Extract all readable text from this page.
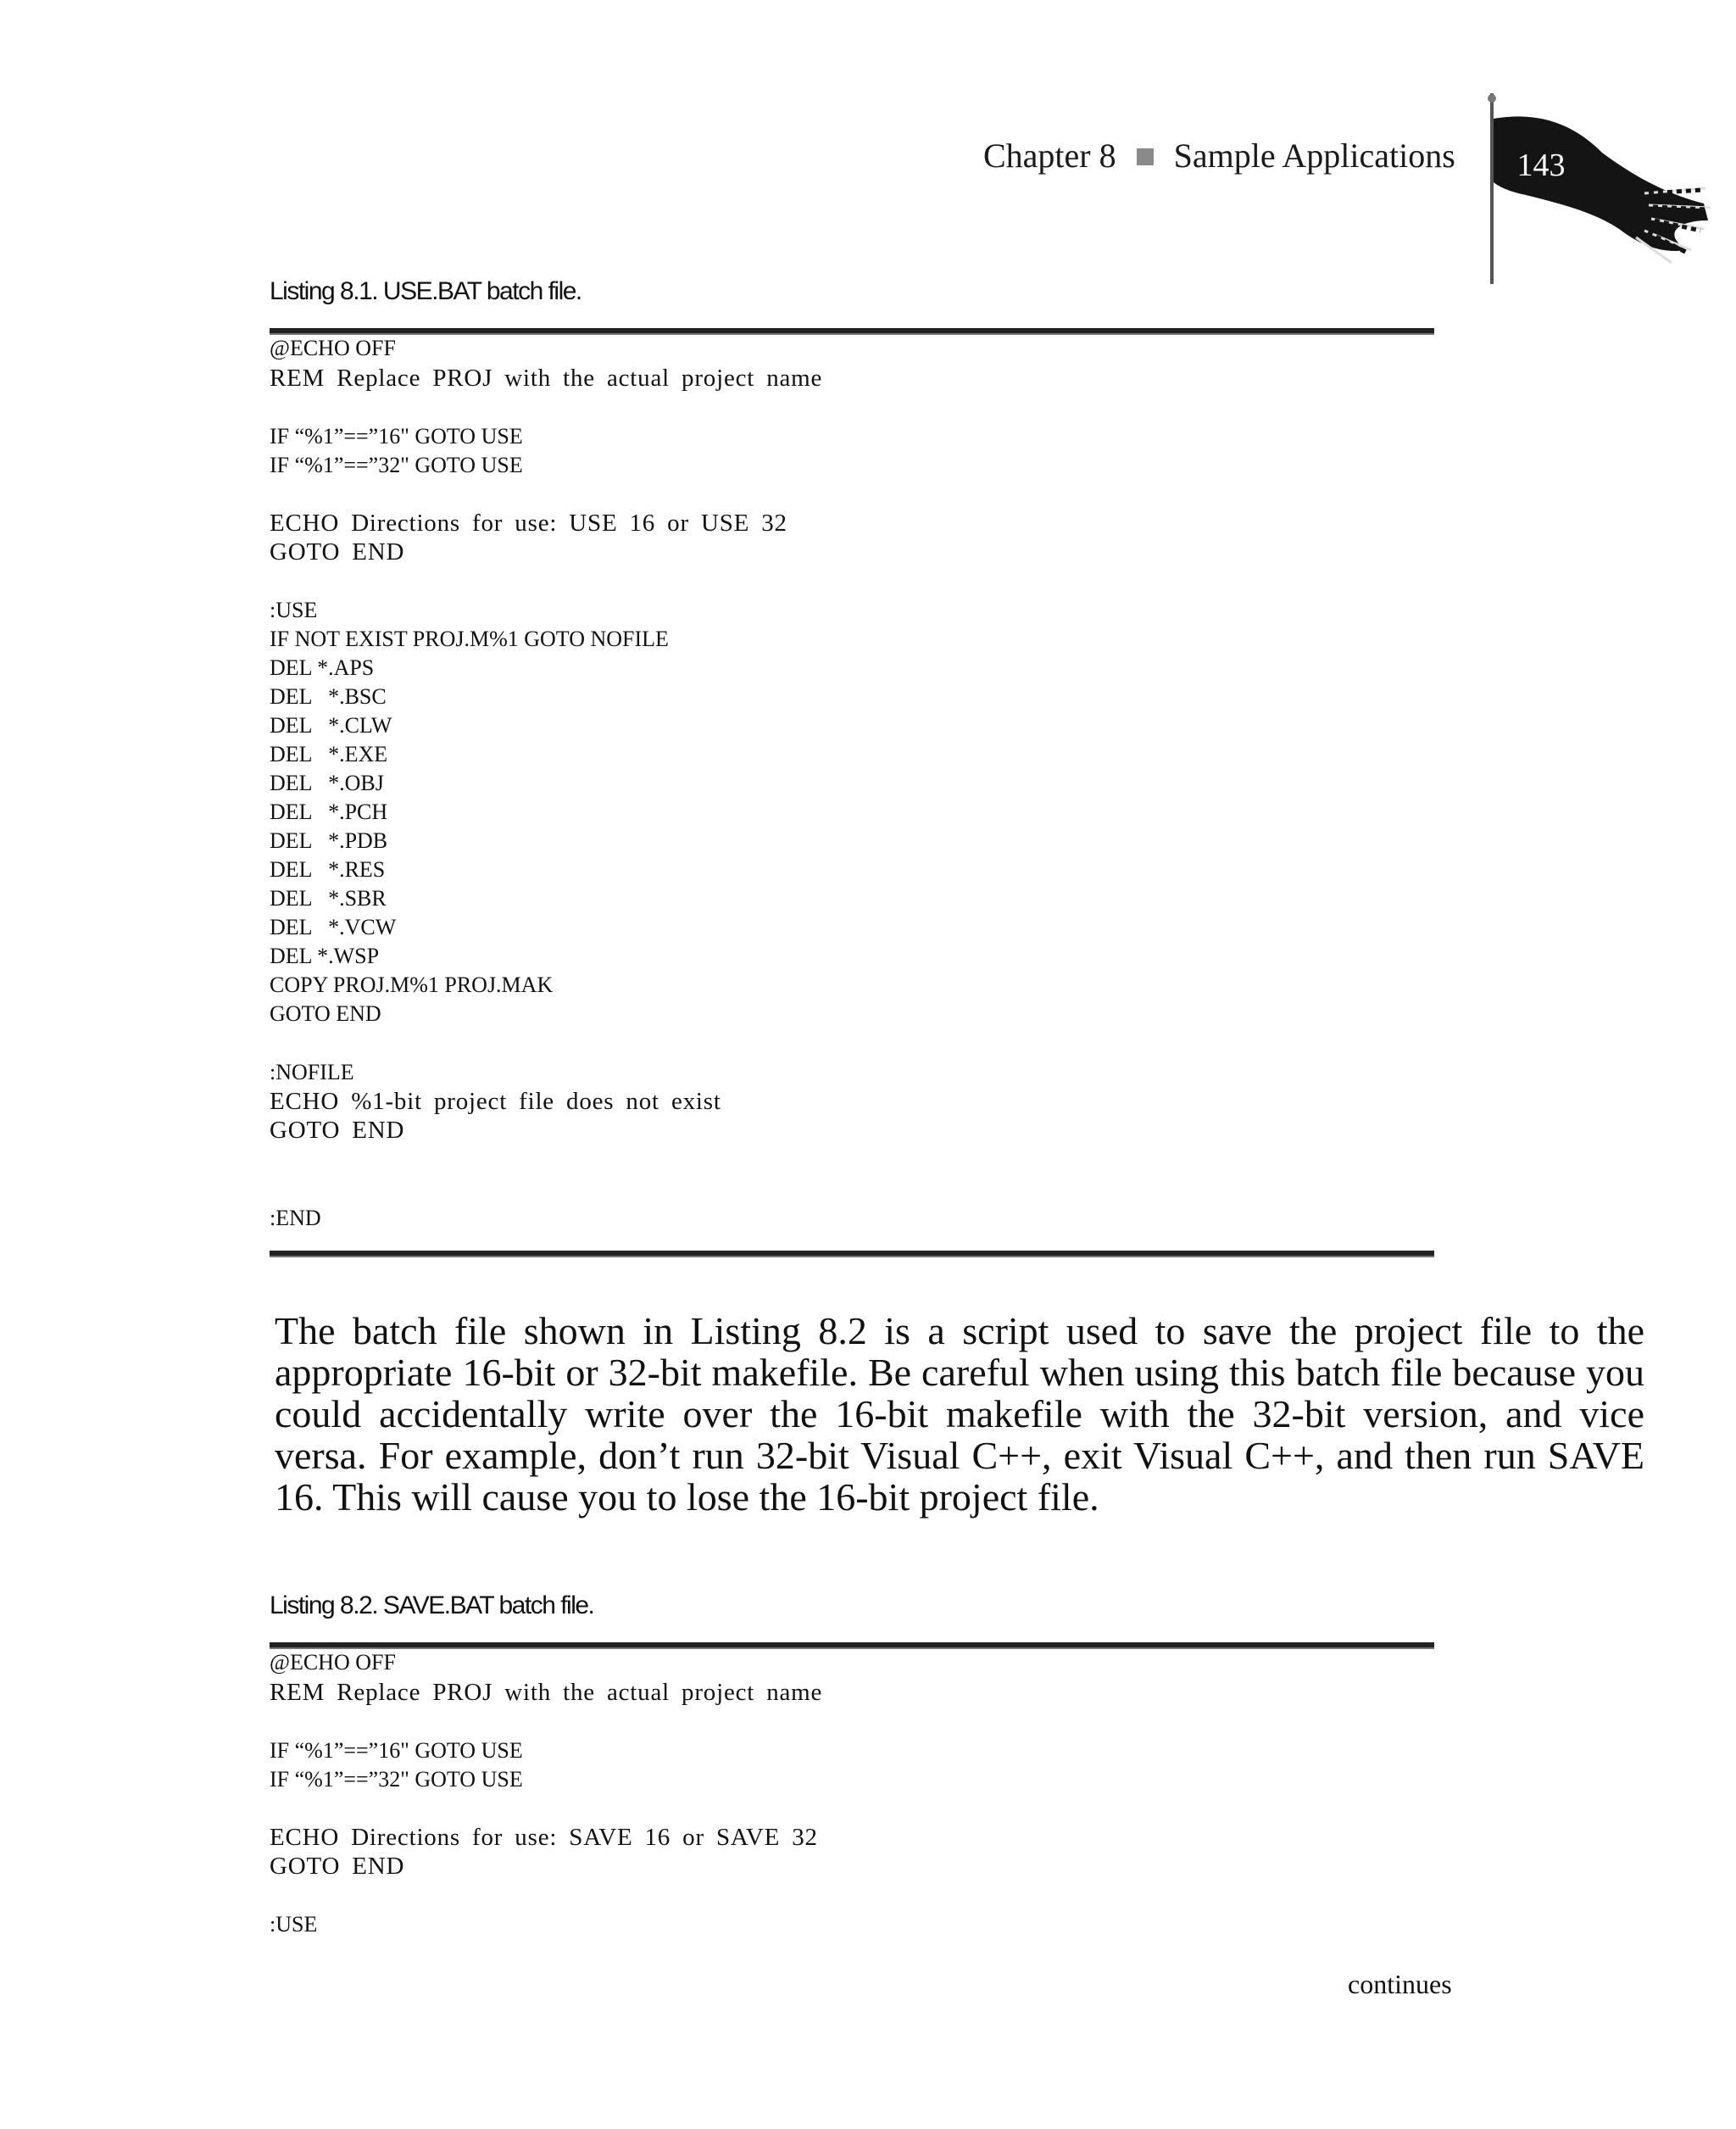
Chapter 8 Sample Applications 143
Listing 8.1. USE.BAT batch file.
@ECHO OFF
REM Replace PROJ with the actual project name
IF “%1”==”16" GOTO USE
IF “%1”==”32" GOTO USE
ECHO Directions for use: USE 16 or USE 32
GOTO END
:USE
IF NOT EXIST PROJ.M%1 GOTO NOFILE
DEL *.APS
DEL   *.BSC
DEL   *.CLW
DEL   *.EXE
DEL   *.OBJ
DEL   *.PCH
DEL   *.PDB
DEL   *.RES
DEL   *.SBR
DEL   *.VCW
DEL *.WSP
COPY PROJ.M%1 PROJ.MAK
GOTO END
:NOFILE
ECHO %1-bit project file does not exist
GOTO END
:END

The batch file shown in Listing 8.2 is a script used to save the project file to the appropriate 16-bit or 32-bit makefile. Be careful when using this batch file because you could accidentally write over the 16-bit makefile with the 32-bit version, and vice versa. For example, don’t run 32-bit Visual C++, exit Visual C++, and then run SAVE 16. This will cause you to lose the 16-bit project file.

Listing 8.2. SAVE.BAT batch file.
@ECHO OFF
REM Replace PROJ with the actual project name
IF “%1”==”16" GOTO USE
IF “%1”==”32" GOTO USE
ECHO Directions for use: SAVE 16 or SAVE 32
GOTO END
:USE
continues
